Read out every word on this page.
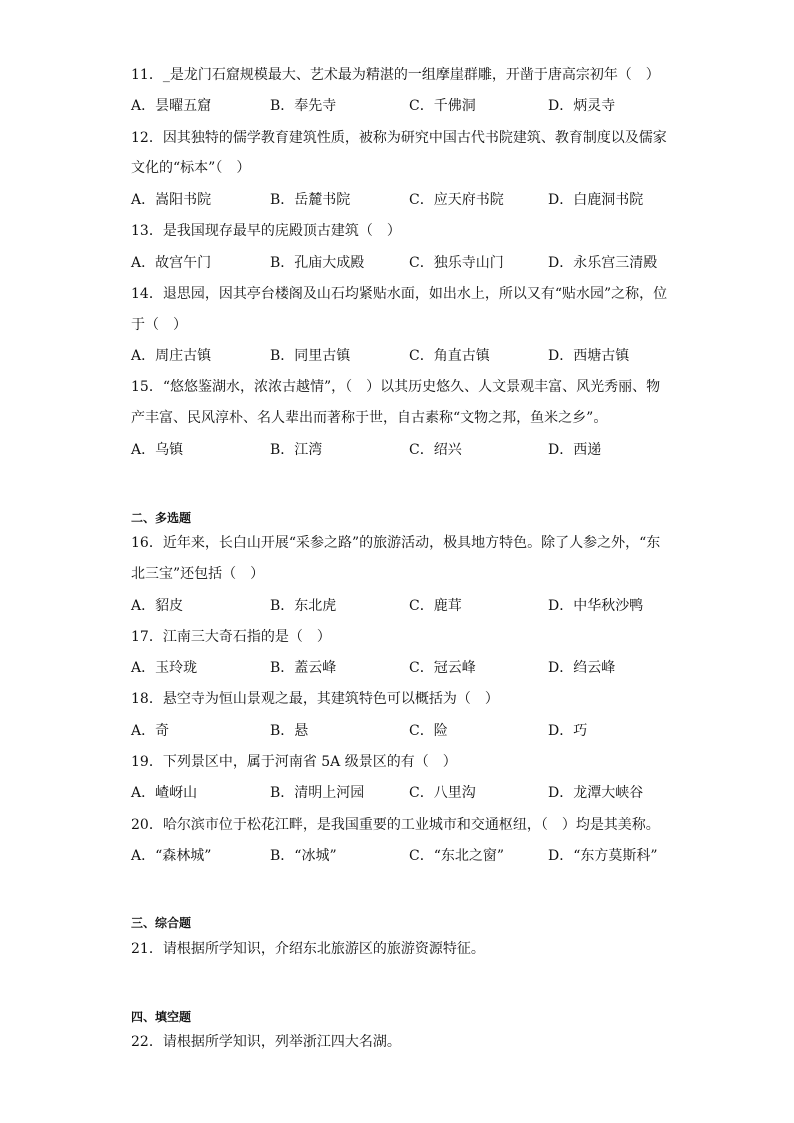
11．_是龙门石窟规模最大、艺术最为精湛的一组摩崖群雕，开凿于唐高宗初年（　）
A．昙曜五窟	B．奉先寺	C．千佛洞	D．炳灵寺
12．因其独特的儒学教育建筑性质，被称为研究中国古代书院建筑、教育制度以及儒家
文化的“标本”（　）
A．嵩阳书院	B．岳麓书院	C．应天府书院	D．白鹿洞书院
13．是我国现存最早的庑殿顶古建筑（　）
A．故宫午门	B．孔庙大成殿	C．独乐寺山门	D．永乐宫三清殿
14．退思园，因其亭台楼阁及山石均紧贴水面，如出水上，所以又有“贴水园”之称，位
于（　）
A．周庄古镇	B．同里古镇	C．角直古镇	D．西塘古镇
15．“悠悠鉴湖水，浓浓古越情”，（　）以其历史悠久、人文景观丰富、风光秀丽、物
产丰富、民风淳朴、名人辈出而著称于世，自古素称“文物之邦，鱼米之乡”。
A．乌镇	B．江湾	C．绍兴	D．西递
二、多选题
16．近年来，长白山开展“采参之路”的旅游活动，极具地方特色。除了人参之外，“东
北三宝”还包括（　）
A．貂皮	B．东北虎	C．鹿茸	D．中华秋沙鸭
17．江南三大奇石指的是（　）
A．玉玲珑	B．蓋云峰	C．冠云峰	D．绉云峰
18．悬空寺为恒山景观之最，其建筑特色可以概括为（　）
A．奇	B．悬	C．险	D．巧
19．下列景区中，属于河南省 5A 级景区的有（　）
A．嵖岈山	B．清明上河园	C．八里沟	D．龙潭大峡谷
20．哈尔滨市位于松花江畔，是我国重要的工业城市和交通枢纽，（　）均是其美称。
A．“森林城”	B．“冰城”	C．“东北之窗”	D．“东方莫斯科”
三、综合题
21．请根据所学知识，介绍东北旅游区的旅游资源特征。
四、填空题
22．请根据所学知识，列举浙江四大名湖。
